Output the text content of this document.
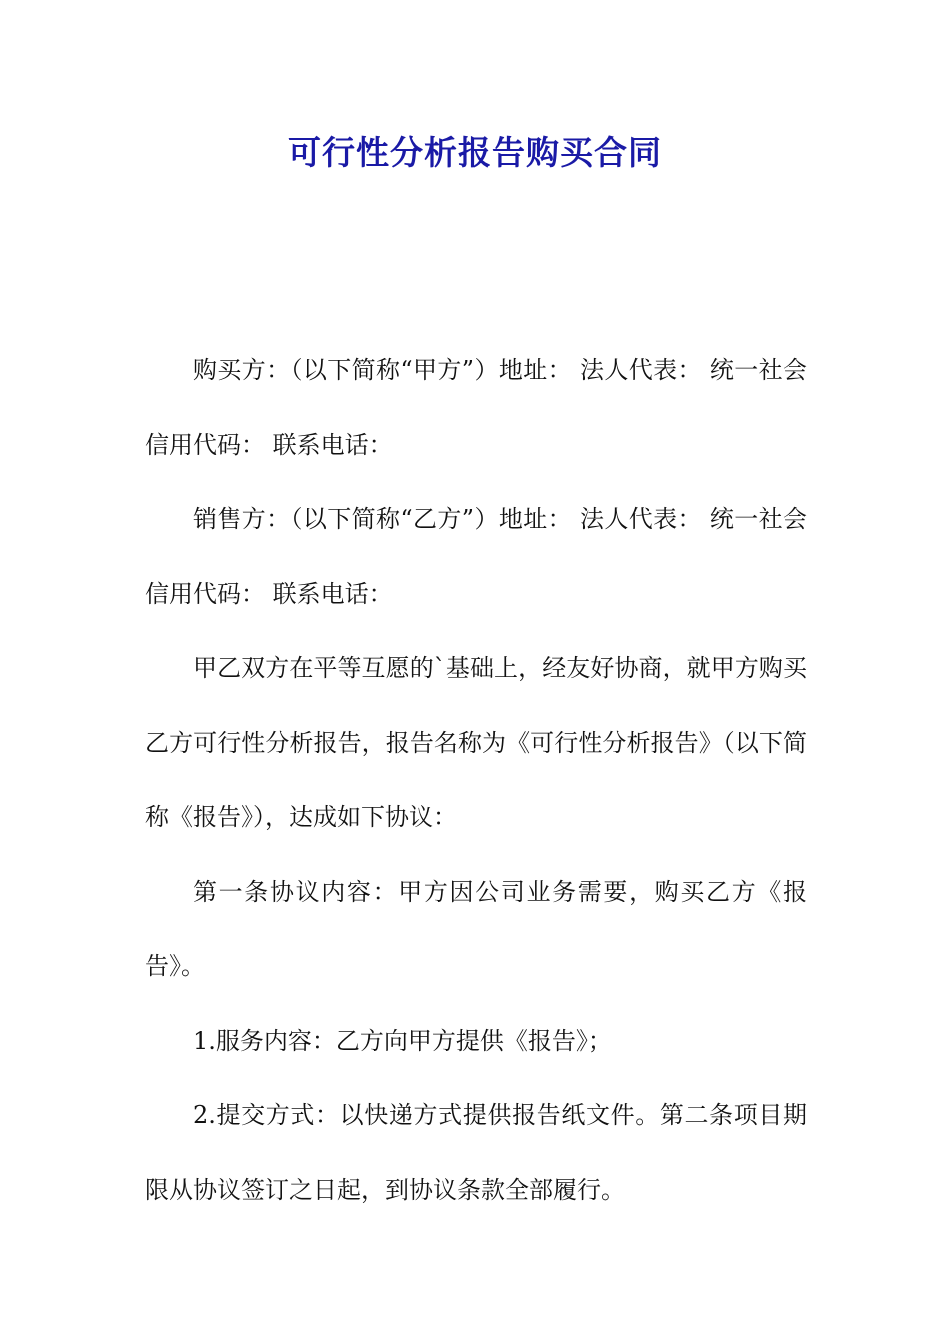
可行性分析报告购买合同

购买方：（以下简称“甲方”）地址： 法人代表： 统一社会信用代码： 联系电话：

销售方：（以下简称“乙方”）地址： 法人代表： 统一社会信用代码： 联系电话：

甲乙双方在平等互愿的`基础上，经友好协商，就甲方购买乙方可行性分析报告，报告名称为《可行性分析报告》（以下简称《报告》），达成如下协议：

第一条协议内容：甲方因公司业务需要，购买乙方《报告》。

1.服务内容：乙方向甲方提供《报告》；

2.提交方式：以快递方式提供报告纸文件。第二条项目期限从协议签订之日起，到协议条款全部履行。
